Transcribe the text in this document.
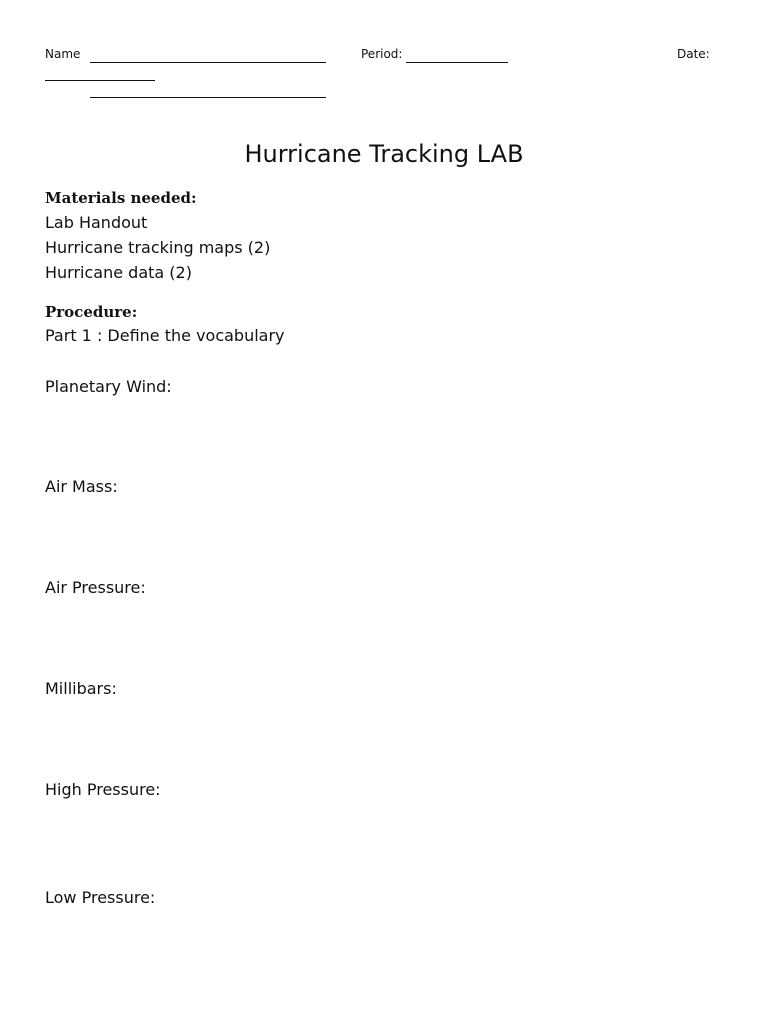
Name	Period:	Date:
Hurricane Tracking LAB
Materials needed:
Lab Handout
Hurricane tracking maps (2)
Hurricane data (2)
Procedure:
Part 1 : Define the vocabulary
Planetary Wind:
Air Mass:
Air Pressure:
Millibars:
High Pressure:
Low Pressure:
